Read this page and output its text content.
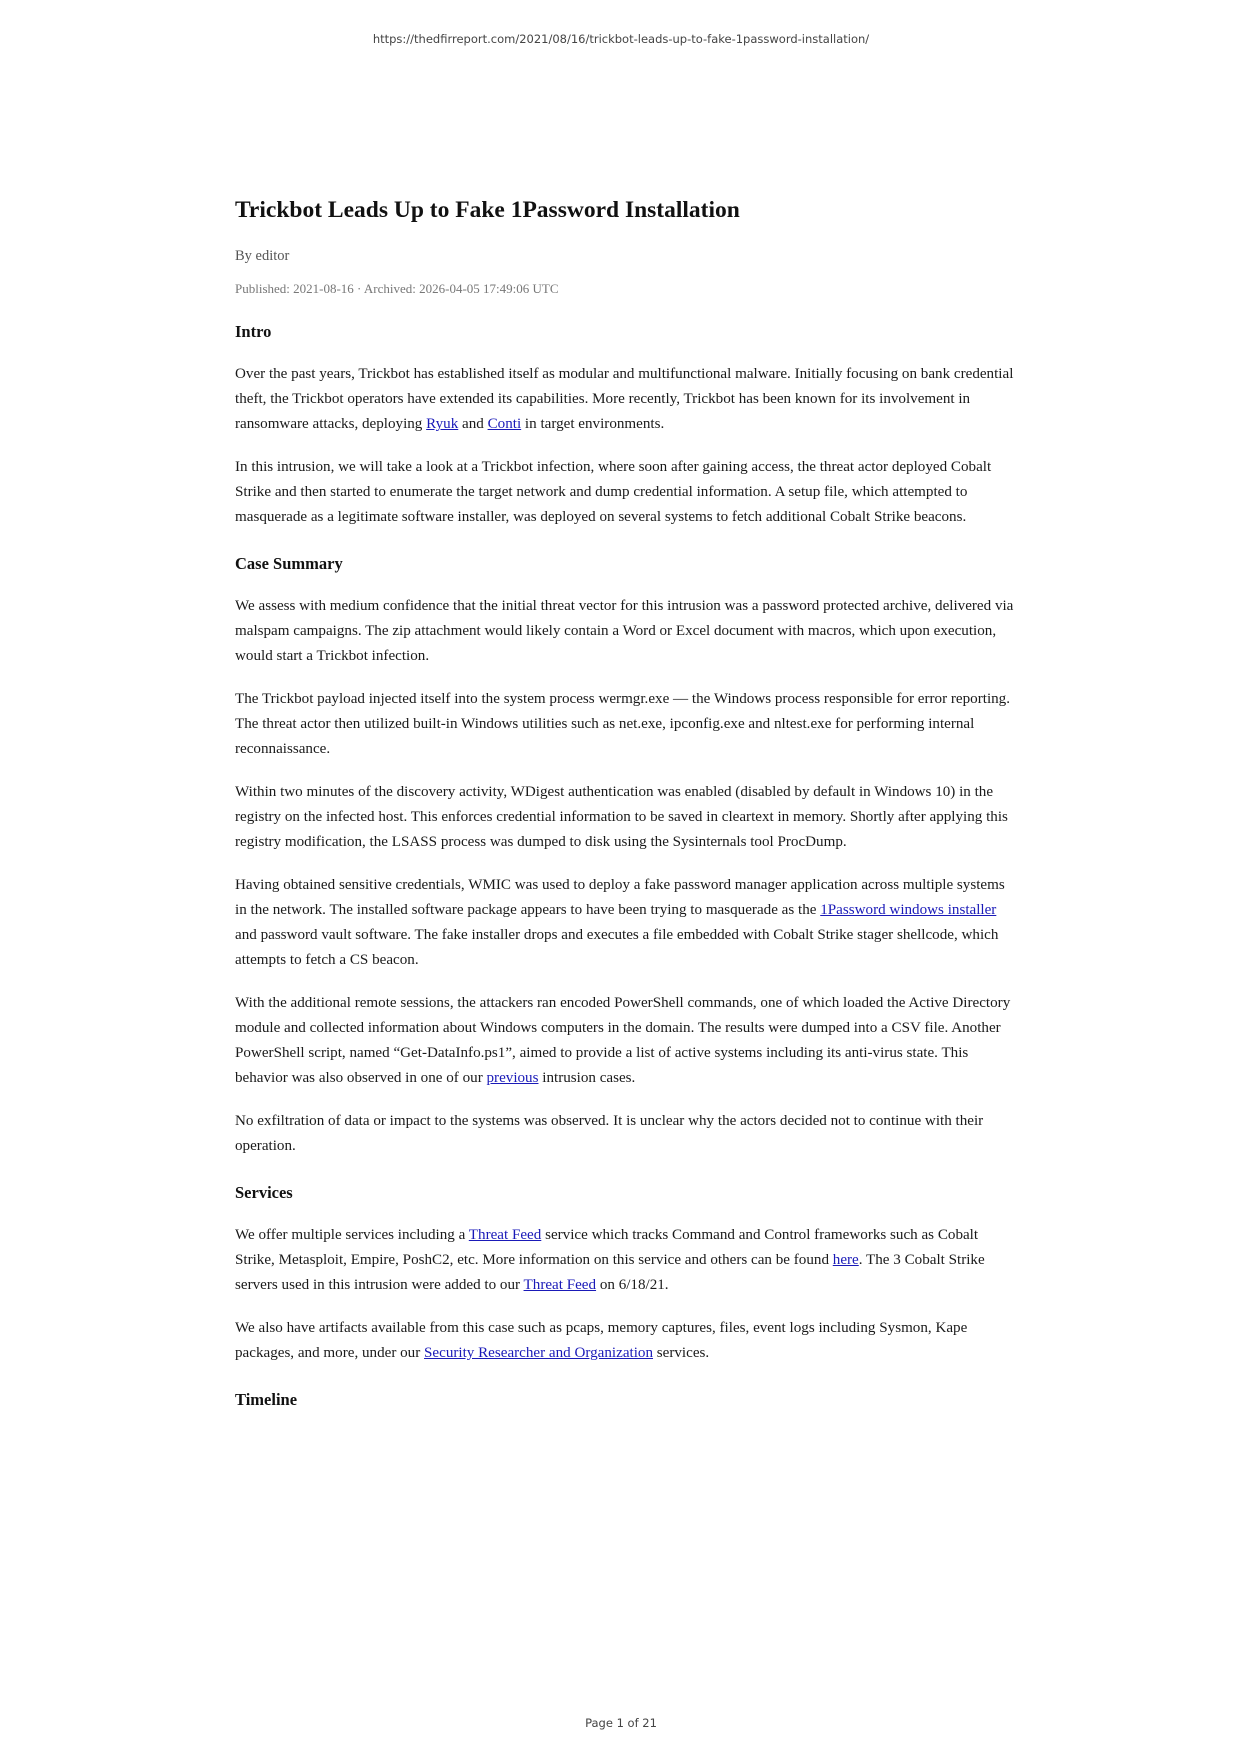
https://thedfirreport.com/2021/08/16/trickbot-leads-up-to-fake-1password-installation/
Trickbot Leads Up to Fake 1Password Installation
By editor
Published: 2021-08-16 · Archived: 2026-04-05 17:49:06 UTC
Intro

Over the past years, Trickbot has established itself as modular and multifunctional malware. Initially focusing on bank credential theft, the Trickbot operators have extended its capabilities. More recently, Trickbot has been known for its involvement in ransomware attacks, deploying Ryuk and Conti in target environments.

In this intrusion, we will take a look at a Trickbot infection, where soon after gaining access, the threat actor deployed Cobalt Strike and then started to enumerate the target network and dump credential information. A setup file, which attempted to masquerade as a legitimate software installer, was deployed on several systems to fetch additional Cobalt Strike beacons.

Case Summary

We assess with medium confidence that the initial threat vector for this intrusion was a password protected archive, delivered via malspam campaigns. The zip attachment would likely contain a Word or Excel document with macros, which upon execution, would start a Trickbot infection.

The Trickbot payload injected itself into the system process wermgr.exe — the Windows process responsible for error reporting. The threat actor then utilized built-in Windows utilities such as net.exe, ipconfig.exe and nltest.exe for performing internal reconnaissance.

Within two minutes of the discovery activity, WDigest authentication was enabled (disabled by default in Windows 10) in the registry on the infected host. This enforces credential information to be saved in cleartext in memory. Shortly after applying this registry modification, the LSASS process was dumped to disk using the Sysinternals tool ProcDump.

Having obtained sensitive credentials, WMIC was used to deploy a fake password manager application across multiple systems in the network. The installed software package appears to have been trying to masquerade as the 1Password windows installer and password vault software. The fake installer drops and executes a file embedded with Cobalt Strike stager shellcode, which attempts to fetch a CS beacon.

With the additional remote sessions, the attackers ran encoded PowerShell commands, one of which loaded the Active Directory module and collected information about Windows computers in the domain. The results were dumped into a CSV file. Another PowerShell script, named “Get-DataInfo.ps1”, aimed to provide a list of active systems including its anti-virus state. This behavior was also observed in one of our previous intrusion cases.

No exfiltration of data or impact to the systems was observed. It is unclear why the actors decided not to continue with their operation.

Services

We offer multiple services including a Threat Feed service which tracks Command and Control frameworks such as Cobalt Strike, Metasploit, Empire, PoshC2, etc. More information on this service and others can be found here. The 3 Cobalt Strike servers used in this intrusion were added to our Threat Feed on 6/18/21.

We also have artifacts available from this case such as pcaps, memory captures, files, event logs including Sysmon, Kape packages, and more, under our Security Researcher and Organization services.

Timeline
Page 1 of 21
